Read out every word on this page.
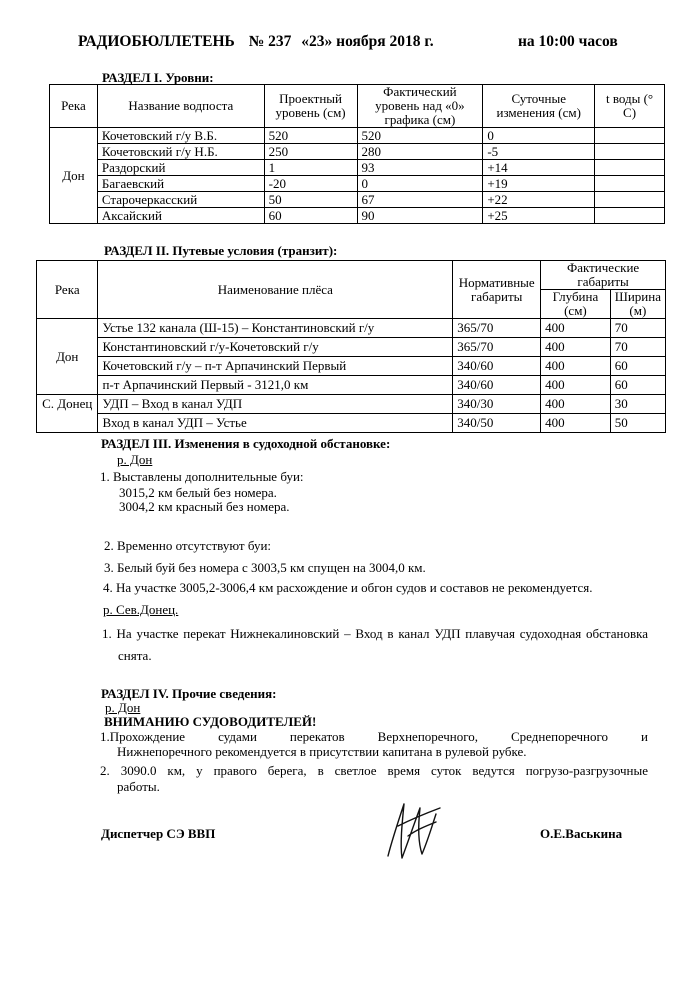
РАДИОБЮЛЛЕТЕНЬ № 237 «23» ноября 2018 г.	на 10:00 часов
РАЗДЕЛ I. Уровни:
Река	Название водпоста	Проектный уровень (см)	Фактический уровень над «0» графика (см)	Суточные изменения (см)	t воды (° С)
Дон	Кочетовский г/у В.Б.	520	520	0	
	Кочетовский г/у Н.Б.	250	280	-5	
	Раздорский	1	93	+14	
	Багаевский	-20	0	+19	
	Старочеркасский	50	67	+22	
	Аксайский	60	90	+25	
РАЗДЕЛ II. Путевые условия (транзит):
Река	Наименование плёса	Нормативные габариты	Фактические габариты	
			Глубина (см)	Ширина (м)
Дон	Устье 132 канала (Ш-15) – Константиновский г/у	365/70	400	70
	Константиновский г/у-Кочетовский г/у	365/70	400	70
	Кочетовский г/у – п-т Арпачинский Первый	340/60	400	60
	п-т Арпачинский Первый - 3121,0 км	340/60	400	60
С. Донец	УДП – Вход в канал УДП	340/30	400	30
	Вход в канал УДП – Устье	340/50	400	50
РАЗДЕЛ III. Изменения в судоходной обстановке:
р. Дон
1. Выставлены дополнительные буи:
3015,2 км белый без номера.
3004,2 км красный без номера.
2. Временно отсутствуют буи:
3. Белый буй без номера с 3003,5 км спущен на 3004,0 км.
4. На участке 3005,2-3006,4 км расхождение и обгон судов и составов не рекомендуется.
р. Сев.Донец.
1. На участке перекат Нижнекалиновский – Вход в канал УДП плавучая судоходная обстановка
снята.
РАЗДЕЛ IV. Прочие сведения:
р. Дон
ВНИМАНИЮ СУДОВОДИТЕЛЕЙ!
1.Прохождение судами перекатов Верхнепоречного, Среднепоречного и
Нижнепоречного рекомендуется в присутствии капитана в рулевой рубке.
2. 3090.0 км, у правого берега, в светлое время суток ведутся погрузо-разгрузочные
работы.
Диспетчер СЭ ВВП	О.Е.Васькина
